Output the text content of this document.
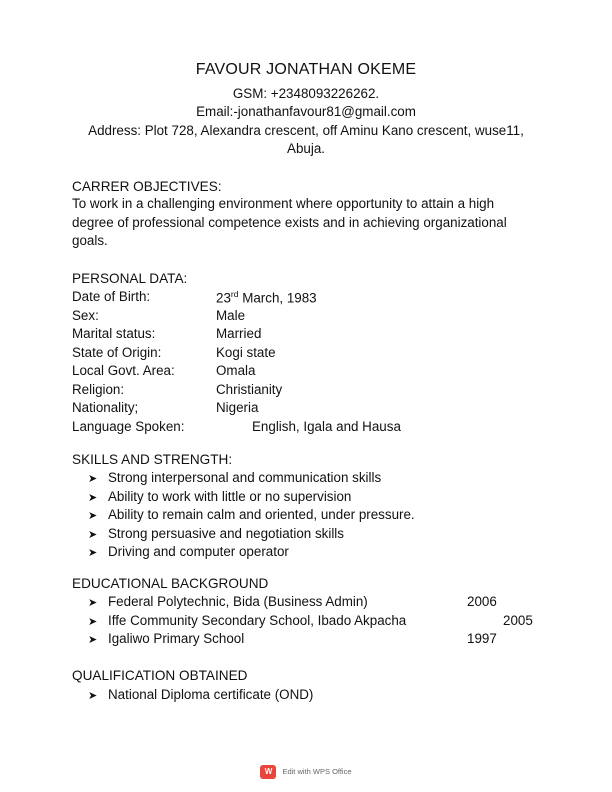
FAVOUR JONATHAN OKEME
GSM: +2348093226262.
Email:-jonathanfavour81@gmail.com
Address: Plot 728, Alexandra crescent, off Aminu Kano crescent, wuse11,
Abuja.
CARRER OBJECTIVES:
To work in a challenging environment where opportunity to attain a high
degree of professional competence exists and in achieving organizational
goals.
PERSONAL DATA:
Date of Birth:	23rd March, 1983
Sex:	Male
Marital status:	Married
State of Origin:	Kogi state
Local Govt. Area:	Omala
Religion:	Christianity
Nationality;	Nigeria
Language Spoken:	English, Igala and Hausa
SKILLS AND STRENGTH:
➤ Strong interpersonal and communication skills
➤ Ability to work with little or no supervision
➤ Ability to remain calm and oriented, under pressure.
➤ Strong persuasive and negotiation skills
➤ Driving and computer operator
EDUCATIONAL BACKGROUND
➤ Federal Polytechnic, Bida (Business Admin)	2006
➤ Iffe Community Secondary School, Ibado Akpacha	2005
➤ Igaliwo Primary School	1997
QUALIFICATION OBTAINED
➤ National Diploma certificate (OND)
W Edit with WPS Office
